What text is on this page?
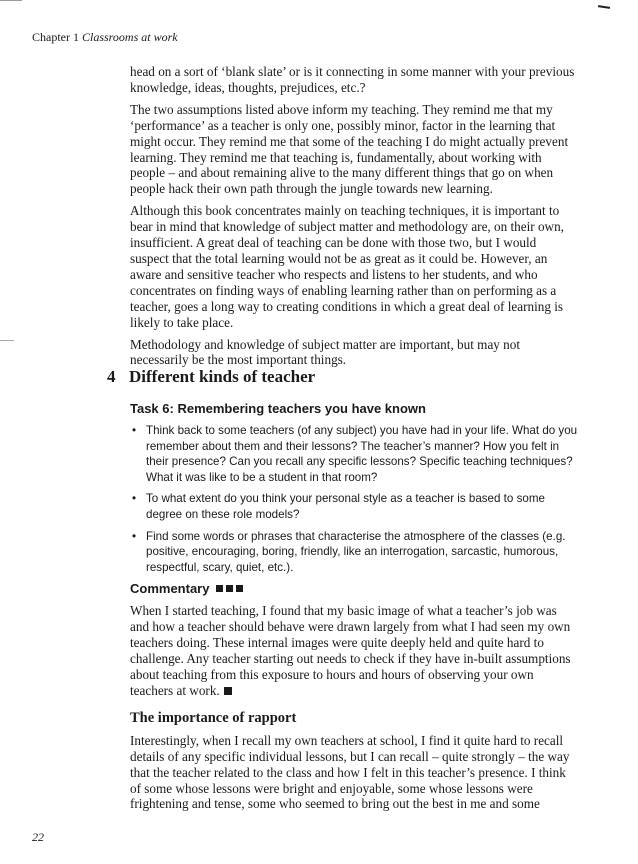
Chapter 1 Classrooms at work

head on a sort of ‘blank slate’ or is it connecting in some manner with your previous knowledge, ideas, thoughts, prejudices, etc.?

The two assumptions listed above inform my teaching. They remind me that my ‘performance’ as a teacher is only one, possibly minor, factor in the learning that might occur. They remind me that some of the teaching I do might actually prevent learning. They remind me that teaching is, fundamentally, about working with people – and about remaining alive to the many different things that go on when people hack their own path through the jungle towards new learning.

Although this book concentrates mainly on teaching techniques, it is important to bear in mind that knowledge of subject matter and methodology are, on their own, insufficient. A great deal of teaching can be done with those two, but I would suspect that the total learning would not be as great as it could be. However, an aware and sensitive teacher who respects and listens to her students, and who concentrates on finding ways of enabling learning rather than on performing as a teacher, goes a long way to creating conditions in which a great deal of learning is likely to take place.

Methodology and knowledge of subject matter are important, but may not necessarily be the most important things.

4 Different kinds of teacher
Task 6: Remembering teachers you have known
• Think back to some teachers (of any subject) you have had in your life. What do you remember about them and their lessons? The teacher’s manner? How you felt in their presence? Can you recall any specific lessons? Specific teaching techniques? What it was like to be a student in that room?
• To what extent do you think your personal style as a teacher is based to some degree on these role models?
• Find some words or phrases that characterise the atmosphere of the classes (e.g. positive, encouraging, boring, friendly, like an interrogation, sarcastic, humorous, respectful, scary, quiet, etc.).
Commentary

When I started teaching, I found that my basic image of what a teacher’s job was and how a teacher should behave were drawn largely from what I had seen my own teachers doing. These internal images were quite deeply held and quite hard to challenge. Any teacher starting out needs to check if they have in-built assumptions about teaching from this exposure to hours and hours of observing your own teachers at work.

The importance of rapport

Interestingly, when I recall my own teachers at school, I find it quite hard to recall details of any specific individual lessons, but I can recall – quite strongly – the way that the teacher related to the class and how I felt in this teacher’s presence. I think of some whose lessons were bright and enjoyable, some whose lessons were frightening and tense, some who seemed to bring out the best in me and some

22
